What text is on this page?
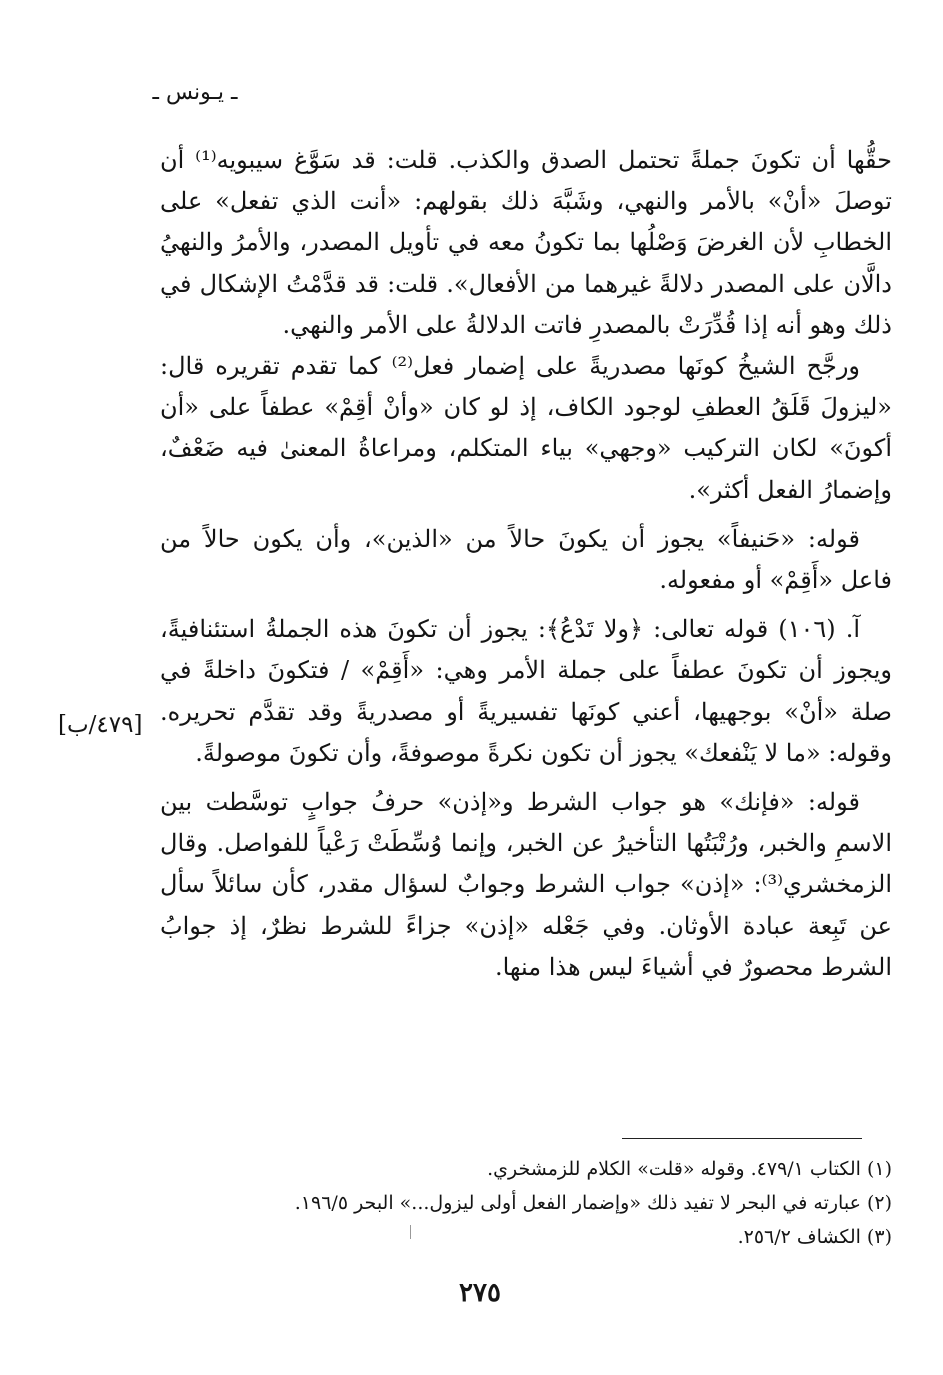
ـ يـونس ـ

حقُّها أن تكونَ جملةً تحتمل الصدق والكذب. قلت: قد سَوَّغ سيبويه⁽¹⁾ أن توصلَ «أنْ» بالأمر والنهي، وشَبَّهَ ذلك بقولهم: «أنت الذي تفعل» على الخطابِ لأن الغرضَ وَصْلُها بما تكونُ معه في تأويل المصدر، والأمرُ والنهيُ دالَّان على المصدر دلالةً غيرهما من الأفعال». قلت: قد قدَّمْتُ الإشكال في ذلك وهو أنه إذا قُدِّرَتْ بالمصدرِ فاتت الدلالةُ على الأمر والنهي.

ورجَّح الشيخُ كونَها مصدريةً على إضمار فعل⁽²⁾ كما تقدم تقريره قال: «ليزولَ قَلَقُ العطفِ لوجود الكاف، إذ لو كان «وأنْ أقِمْ» عطفاً على «أن أكونَ» لكان التركيب «وجهي» بياء المتكلم، ومراعاةُ المعنىٰ فيه ضَعْفٌ، وإضمارُ الفعل أكثر».

قوله: «حَنيفاً» يجوز أن يكونَ حالاً من «الذين»، وأن يكون حالاً من فاعل «أَقِمْ» أو مفعوله.

آ. (١٠٦) قوله تعالى: ﴿ولا تَدْعُ﴾: يجوز أن تكونَ هذه الجملةُ استئنافيةً، ويجوز أن تكونَ عطفاً على جملة الأمر وهي: «أَقِمْ» / فتكونَ داخلةً في صلة «أنْ» بوجهيها، أعني كونَها تفسيريةً أو مصدريةً وقد تقدَّم تحريره. وقوله: «ما لا يَنْفعك» يجوز أن تكون نكرةً موصوفةً، وأن تكونَ موصولةً.

قوله: «فإنك» هو جواب الشرط و«إذن» حرفُ جوابٍ توسَّطت بين الاسمِ والخبر، ورُتْبَتُها التأخيرُ عن الخبر، وإنما وُسِّطَتْ رَعْياً للفواصل. وقال الزمخشري⁽³⁾: «إذن» جواب الشرط وجوابٌ لسؤال مقدر، كأن سائلاً سأل عن تَبِعة عبادة الأوثان. وفي جَعْله «إذن» جزاءً للشرط نظرٌ، إذ جوابُ الشرط محصورٌ في أشياءَ ليس هذا منها.

[٤٧٩/ب]
(١) الكتاب ٤٧٩/١. وقوله «قلت» الكلام للزمشخري.
(٢) عبارته في البحر لا تفيد ذلك «وإضمار الفعل أولى ليزول...» البحر ١٩٦/٥.
(٣) الكشاف ٢٥٦/٢.
٢٧٥
